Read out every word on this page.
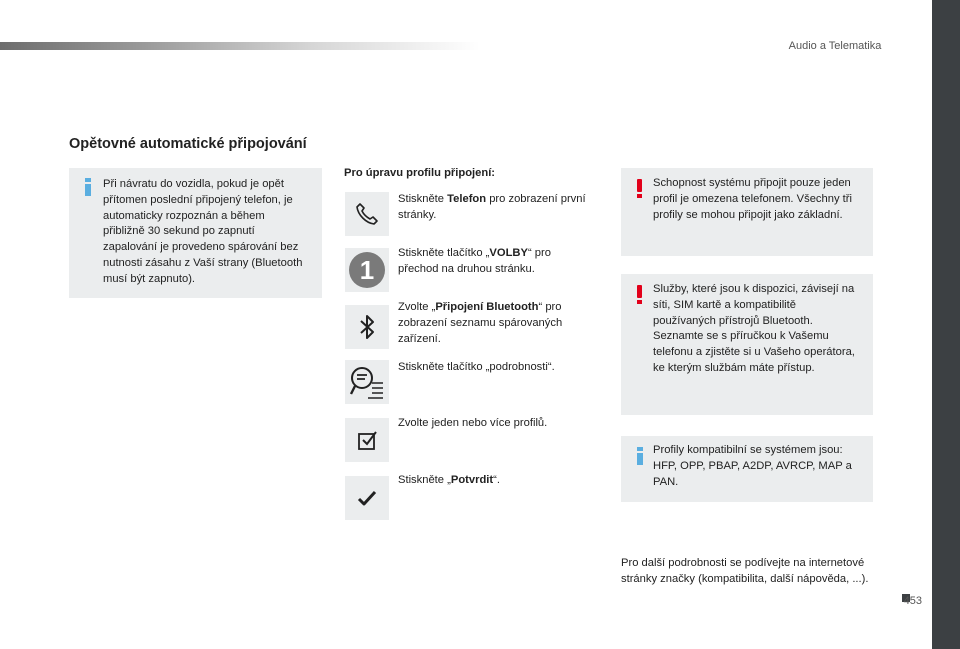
Audio a Telematika
453
Opětovné automatické připojování

Při návratu do vozidla, pokud je opět přítomen poslední připojený telefon, je automaticky rozpoznán a během přibližně 30 sekund po zapnutí zapalování je provedeno spárování bez nutnosti zásahu z Vaší strany (Bluetooth musí být zapnuto).

Pro úpravu profilu připojení:
Stiskněte Telefon pro zobrazení první stránky.
1
Stiskněte tlačítko „VOLBY“ pro přechod na druhou stránku.
Zvolte „Připojení Bluetooth“ pro zobrazení seznamu spárovaných zařízení.
Stiskněte tlačítko „podrobnosti“.
Zvolte jeden nebo více profilů.
Stiskněte „Potvrdit“.

Schopnost systému připojit pouze jeden profil je omezena telefonem. Všechny tři profily se mohou připojit jako základní.

Služby, které jsou k dispozici, závisejí na síti, SIM kartě a kompatibilitě používaných přístrojů Bluetooth. Seznamte se s příručkou k Vašemu telefonu a zjistěte si u Vašeho operátora, ke kterým službám máte přístup.

Profily kompatibilní se systémem jsou: HFP, OPP, PBAP, A2DP, AVRCP, MAP a PAN.

Pro další podrobnosti se podívejte na internetové stránky značky (kompatibilita, další nápověda, ...).
